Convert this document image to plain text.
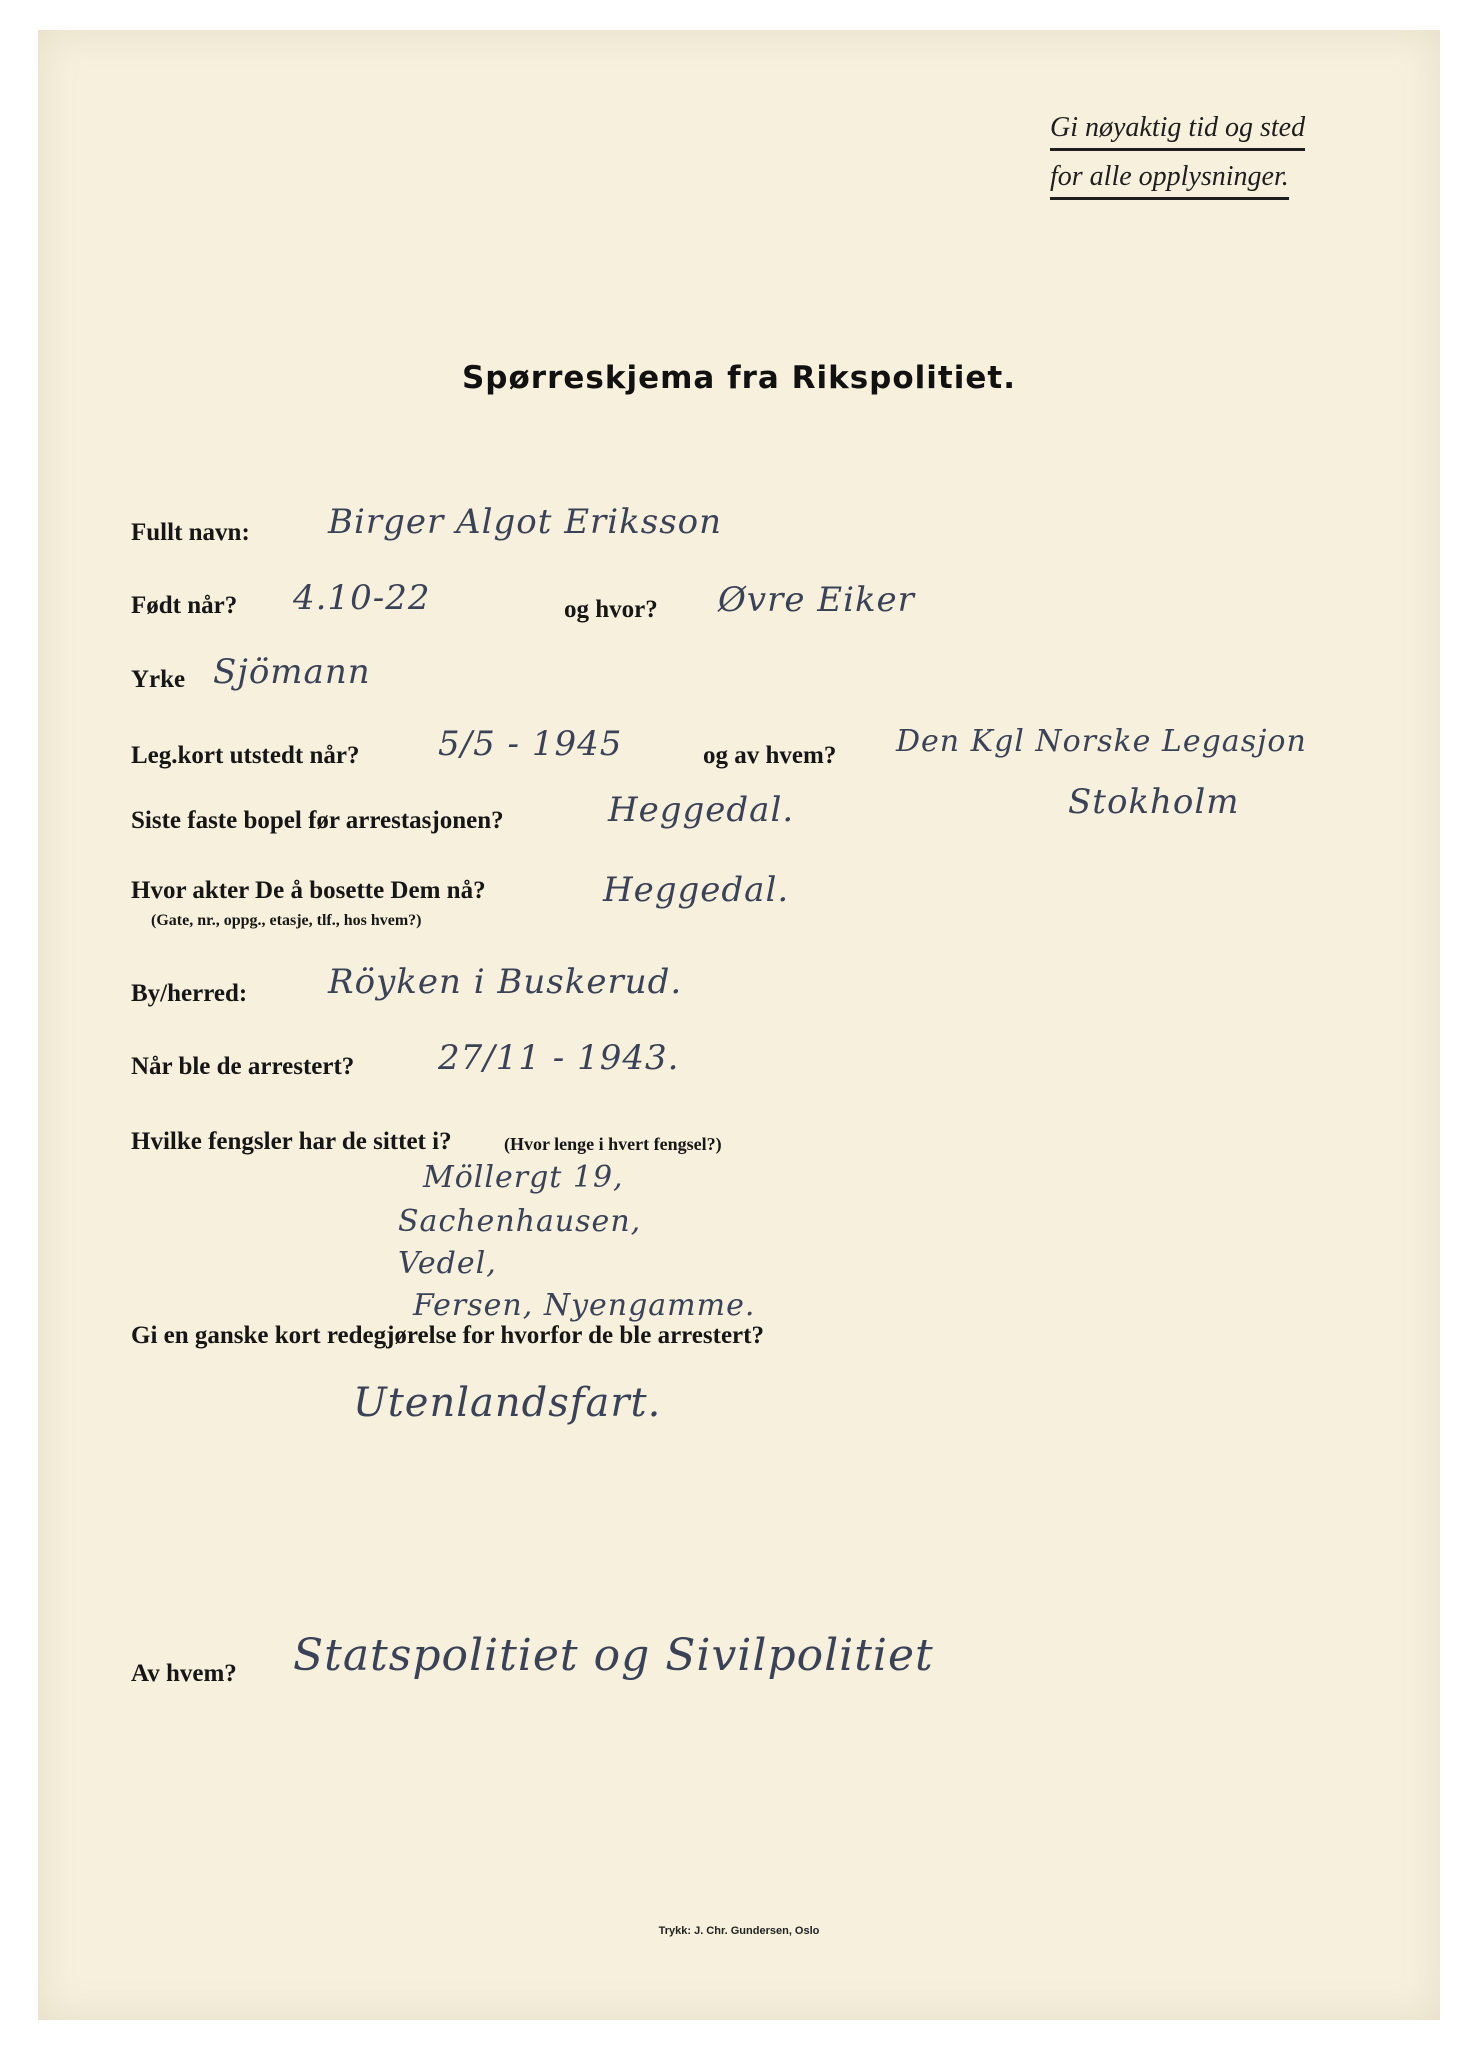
Gi nøyaktig tid og sted
for alle opplysninger.
Spørreskjema fra Rikspolitiet.
Fullt navn: Birger Algot Eriksson
Født når? 4.10-22	og hvor? Øvre Eiker
Yrke Sjömann
Leg.kort utstedt når? 5/5 - 1945	og av hvem? Den Kgl Norske Legasjon
Stokholm
Siste faste bopel før arrestasjonen?	Heggedal.
Hvor akter De å bosette Dem nå?
(Gate, nr., oppg., etasje, tlf., hos hvem?)
Heggedal.
By/herred: Röyken i Buskerud.
Når ble de arrestert? 27/11 - 1943.
Hvilke fengsler har de sittet i?	(Hvor lenge i hvert fengsel?)
Möllergt 19,
Sachenhausen,
Vedel,
Fersen, Nyengamme.
Gi en ganske kort redegjørelse for hvorfor de ble arrestert?
Utenlandsfart.
Av hvem? Statspolitiet og Sivilpolitiet
Trykk: J. Chr. Gundersen, Oslo
